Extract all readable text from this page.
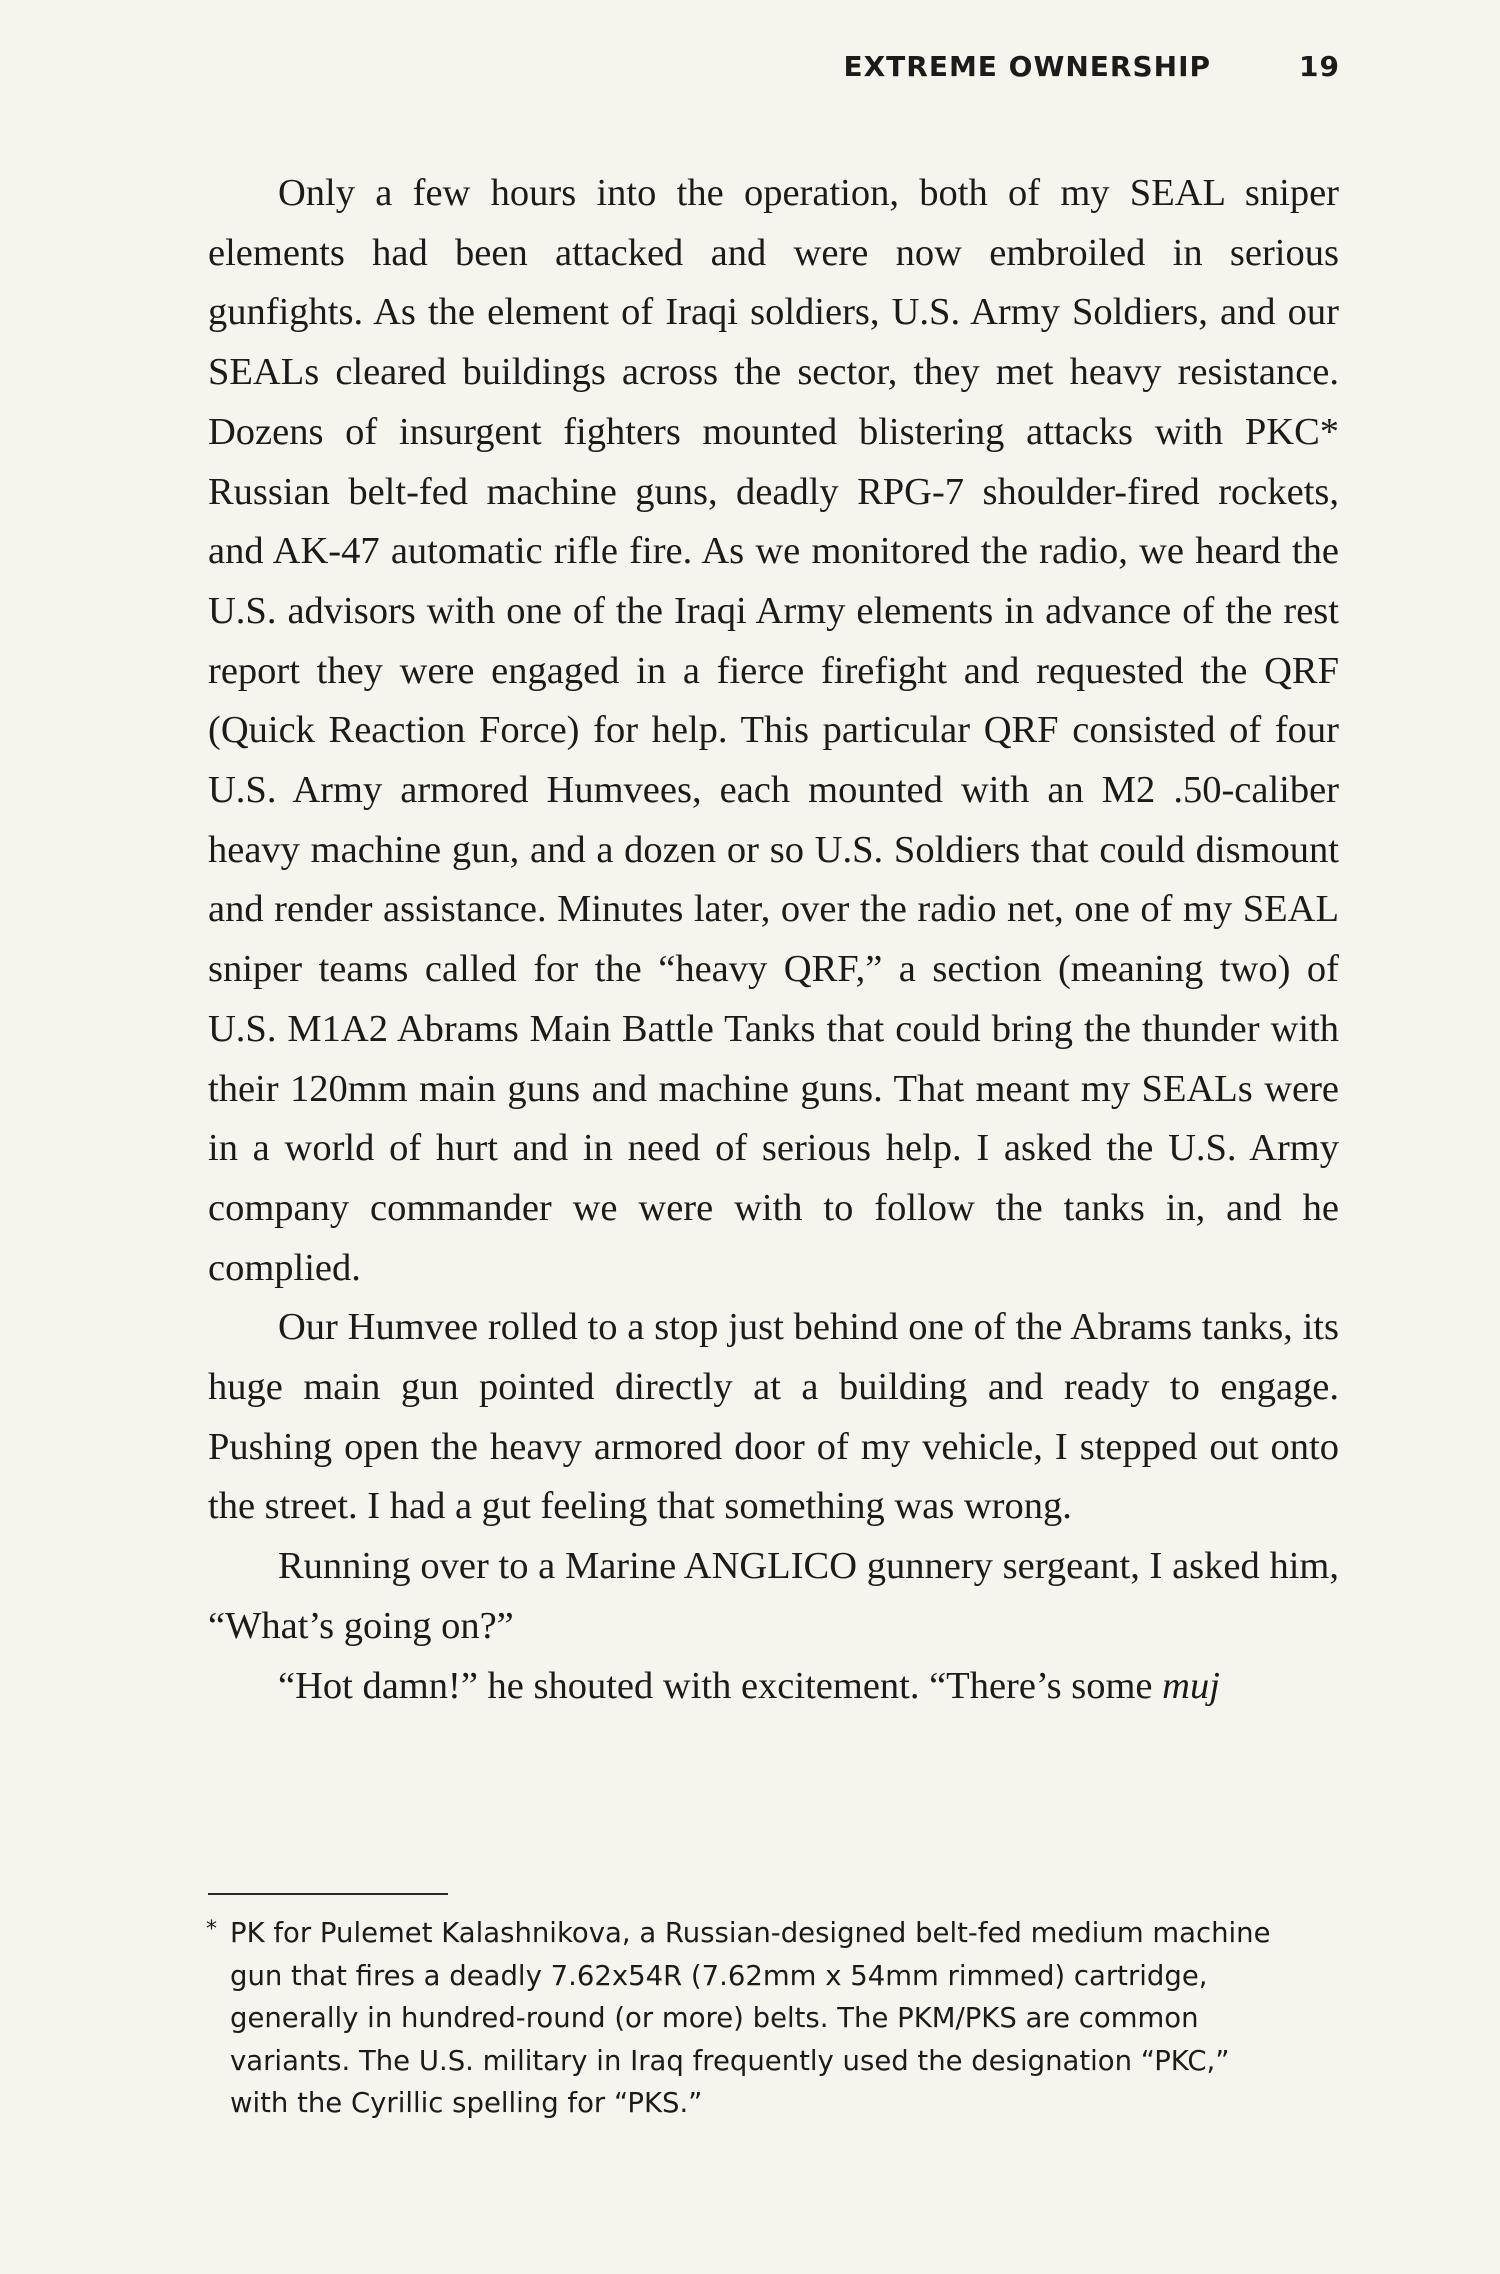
EXTREME OWNERSHIP	19

Only a few hours into the operation, both of my SEAL sniper elements had been attacked and were now embroiled in serious gunfights. As the element of Iraqi soldiers, U.S. Army Soldiers, and our SEALs cleared buildings across the sector, they met heavy resistance. Dozens of insurgent fighters mounted blistering attacks with PKC* Russian belt-fed machine guns, deadly RPG-7 shoulder-fired rockets, and AK-47 automatic rifle fire. As we monitored the radio, we heard the U.S. advisors with one of the Iraqi Army elements in advance of the rest report they were engaged in a fierce firefight and requested the QRF (Quick Reaction Force) for help. This particular QRF consisted of four U.S. Army armored Humvees, each mounted with an M2 .50-caliber heavy machine gun, and a dozen or so U.S. Soldiers that could dismount and render assistance. Minutes later, over the radio net, one of my SEAL sniper teams called for the “heavy QRF,” a section (meaning two) of U.S. M1A2 Abrams Main Battle Tanks that could bring the thunder with their 120mm main guns and machine guns. That meant my SEALs were in a world of hurt and in need of serious help. I asked the U.S. Army company commander we were with to follow the tanks in, and he complied.

Our Humvee rolled to a stop just behind one of the Abrams tanks, its huge main gun pointed directly at a building and ready to engage. Pushing open the heavy armored door of my vehicle, I stepped out onto the street. I had a gut feeling that something was wrong.

Running over to a Marine ANGLICO gunnery sergeant, I asked him, “What’s going on?”

“Hot damn!” he shouted with excitement. “There’s some muj

* PK for Pulemet Kalashnikova, a Russian-designed belt-fed medium machine
gun that fires a deadly 7.62x54R (7.62mm x 54mm rimmed) cartridge,
generally in hundred-round (or more) belts. The PKM/PKS are common
variants. The U.S. military in Iraq frequently used the designation “PKC,”
with the Cyrillic spelling for “PKS.”
